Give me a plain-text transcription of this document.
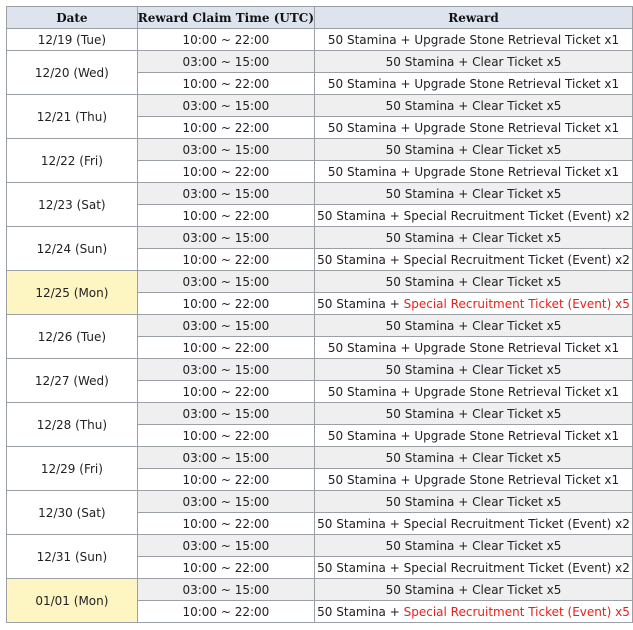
Date	Reward Claim Time (UTC)	Reward
12/19 (Tue)	10:00 ~ 22:00	50 Stamina + Upgrade Stone Retrieval Ticket x1
12/20 (Wed)	03:00 ~ 15:00	50 Stamina + Clear Ticket x5
	10:00 ~ 22:00	50 Stamina + Upgrade Stone Retrieval Ticket x1
12/21 (Thu)	03:00 ~ 15:00	50 Stamina + Clear Ticket x5
	10:00 ~ 22:00	50 Stamina + Upgrade Stone Retrieval Ticket x1
12/22 (Fri)	03:00 ~ 15:00	50 Stamina + Clear Ticket x5
	10:00 ~ 22:00	50 Stamina + Upgrade Stone Retrieval Ticket x1
12/23 (Sat)	03:00 ~ 15:00	50 Stamina + Clear Ticket x5
	10:00 ~ 22:00	50 Stamina + Special Recruitment Ticket (Event) x2
12/24 (Sun)	03:00 ~ 15:00	50 Stamina + Clear Ticket x5
	10:00 ~ 22:00	50 Stamina + Special Recruitment Ticket (Event) x2
12/25 (Mon)	03:00 ~ 15:00	50 Stamina + Clear Ticket x5
	10:00 ~ 22:00	50 Stamina + Special Recruitment Ticket (Event) x5
12/26 (Tue)	03:00 ~ 15:00	50 Stamina + Clear Ticket x5
	10:00 ~ 22:00	50 Stamina + Upgrade Stone Retrieval Ticket x1
12/27 (Wed)	03:00 ~ 15:00	50 Stamina + Clear Ticket x5
	10:00 ~ 22:00	50 Stamina + Upgrade Stone Retrieval Ticket x1
12/28 (Thu)	03:00 ~ 15:00	50 Stamina + Clear Ticket x5
	10:00 ~ 22:00	50 Stamina + Upgrade Stone Retrieval Ticket x1
12/29 (Fri)	03:00 ~ 15:00	50 Stamina + Clear Ticket x5
	10:00 ~ 22:00	50 Stamina + Upgrade Stone Retrieval Ticket x1
12/30 (Sat)	03:00 ~ 15:00	50 Stamina + Clear Ticket x5
	10:00 ~ 22:00	50 Stamina + Special Recruitment Ticket (Event) x2
12/31 (Sun)	03:00 ~ 15:00	50 Stamina + Clear Ticket x5
	10:00 ~ 22:00	50 Stamina + Special Recruitment Ticket (Event) x2
01/01 (Mon)	03:00 ~ 15:00	50 Stamina + Clear Ticket x5
	10:00 ~ 22:00	50 Stamina + Special Recruitment Ticket (Event) x5
